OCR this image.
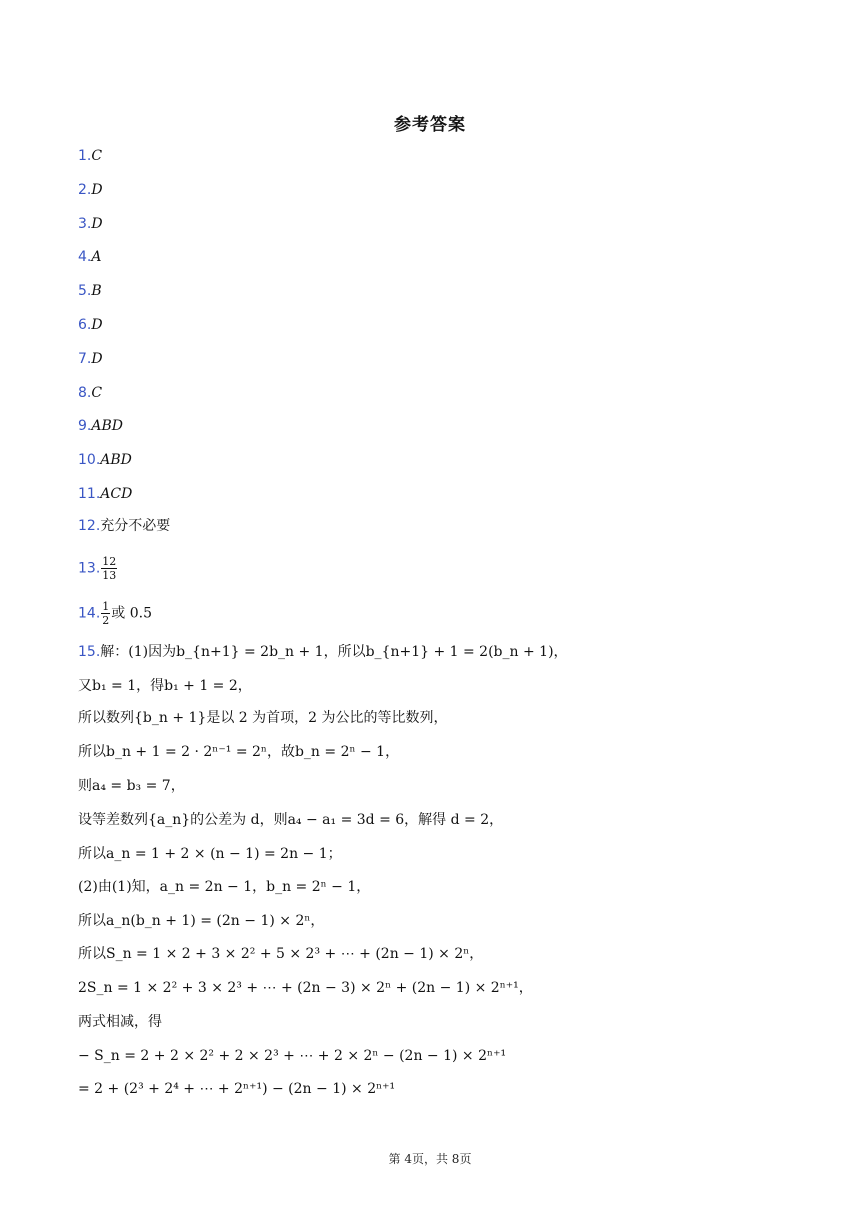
参考答案
1.C
2.D
3.D
4.A
5.B
6.D
7.D
8.C
9.ABD
10.ABD
11.ACD
12.充分不必要
13. $\frac{12}{13}$
14. $\frac{1}{2}$ 或 0.5
15.解：(1)因为b_{n+1} = 2b_n + 1，所以b_{n+1} + 1 = 2(b_n + 1)，
又b₁ = 1，得b₁ + 1 = 2，
所以数列{b_n + 1}是以 2 为首项，2 为公比的等比数列，
所以b_n + 1 = 2 · 2ⁿ⁻¹ = 2ⁿ，故b_n = 2ⁿ − 1，
则a₄ = b₃ = 7，
设等差数列{a_n}的公差为 d，则a₄ − a₁ = 3d = 6，解得 d = 2，
所以a_n = 1 + 2 × (n − 1) = 2n − 1；
(2)由(1)知，a_n = 2n − 1，b_n = 2ⁿ − 1，
所以a_n(b_n + 1) = (2n − 1) × 2ⁿ，
所以S_n = 1 × 2 + 3 × 2² + 5 × 2³ + ⋯ + (2n − 1) × 2ⁿ，
2S_n = 1 × 2² + 3 × 2³ + ⋯ + (2n − 3) × 2ⁿ + (2n − 1) × 2ⁿ⁺¹，
两式相减，得
− S_n = 2 + 2 × 2² + 2 × 2³ + ⋯ + 2 × 2ⁿ − (2n − 1) × 2ⁿ⁺¹
= 2 + (2³ + 2⁴ + ⋯ + 2ⁿ⁺¹) − (2n − 1) × 2ⁿ⁺¹
第 4页，共 8页
